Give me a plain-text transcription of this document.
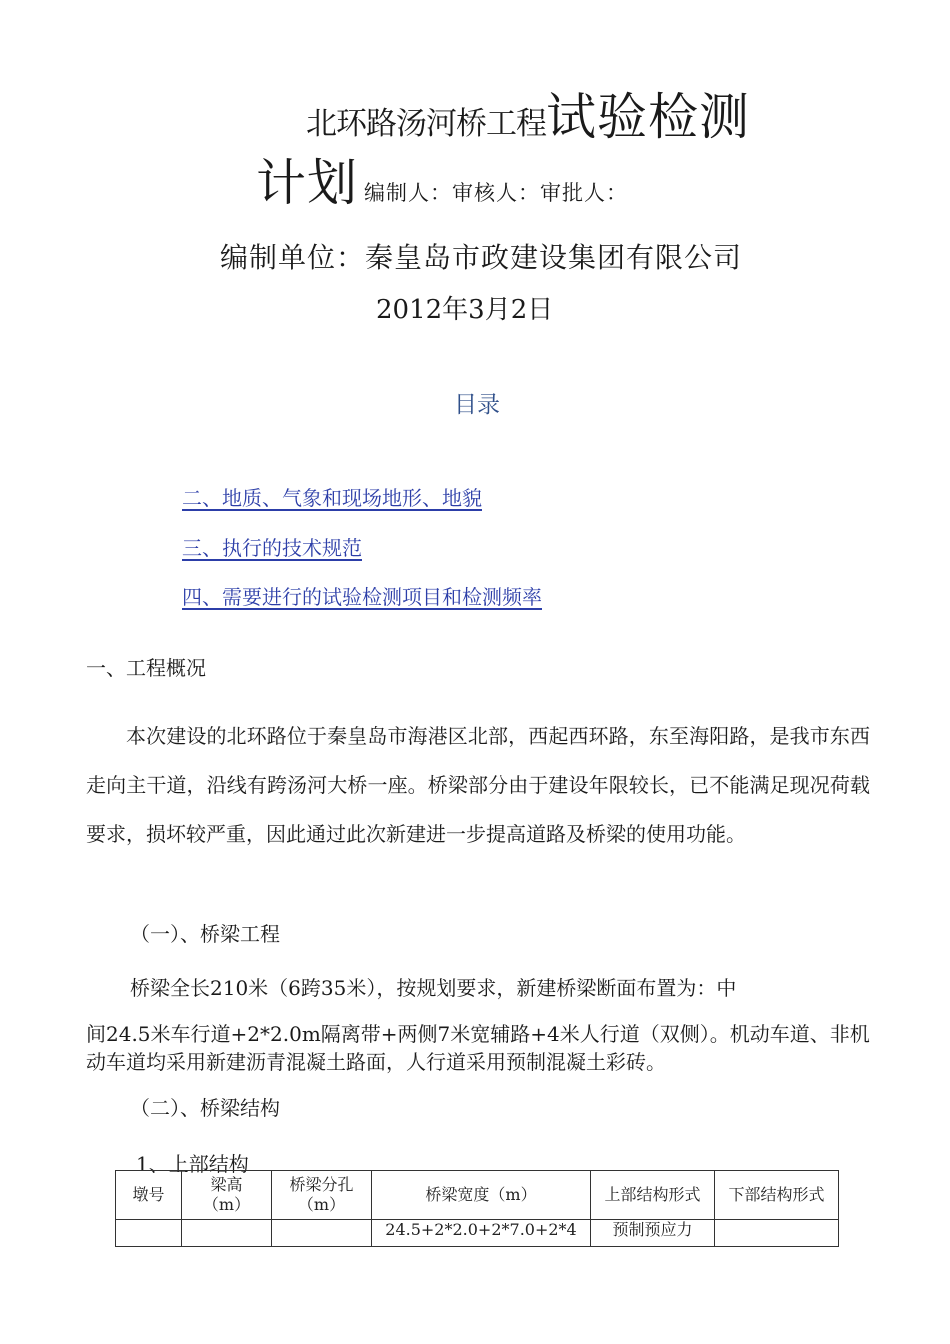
北环路汤河桥工程试验检测
计划 编制人：审核人：审批人：
编制单位：秦皇岛市政建设集团有限公司
2012年3月2日
目录
二、地质、气象和现场地形、地貌
三、执行的技术规范
四、需要进行的试验检测项目和检测频率
一、工程概况
本次建设的北环路位于秦皇岛市海港区北部，西起西环路，东至海阳路，是我市东西走向主干道，沿线有跨汤河大桥一座。桥梁部分由于建设年限较长，已不能满足现况荷载要求，损坏较严重，因此通过此次新建进一步提高道路及桥梁的使用功能。
（一）、桥梁工程
桥梁全长210米（6跨35米），按规划要求，新建桥梁断面布置为：中
间24.5米车行道+2*2.0m隔离带+两侧7米宽辅路+4米人行道（双侧）。机动车道、非机动车道均采用新建沥青混凝土路面，人行道采用预制混凝土彩砖。
（二）、桥梁结构
1、上部结构
墩号	梁高（m）	桥梁分孔（m）	桥梁宽度（m）	上部结构形式	下部结构形式
			24.5+2*2.0+2*7.0+2*4	预制预应力	
